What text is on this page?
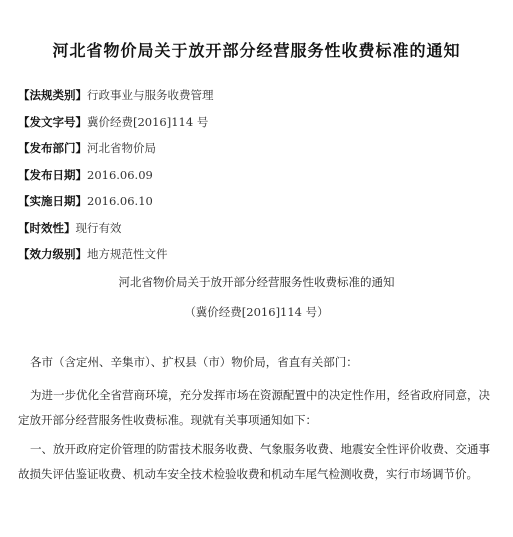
河北省物价局关于放开部分经营服务性收费标准的通知
【法规类别】行政事业与服务收费管理
【发文字号】冀价经费[2016]114 号
【发布部门】河北省物价局
【发布日期】2016.06.09
【实施日期】2016.06.10
【时效性】现行有效
【效力级别】地方规范性文件
河北省物价局关于放开部分经营服务性收费标准的通知
（冀价经费[2016]114 号）

各市（含定州、辛集市）、扩权县（市）物价局，省直有关部门：

为进一步优化全省营商环境，充分发挥市场在资源配置中的决定性作用，经省政府同意，决定放开部分经营服务性收费标准。现就有关事项通知如下：

一、放开政府定价管理的防雷技术服务收费、气象服务收费、地震安全性评价收费、交通事故损失评估鉴证收费、机动车安全技术检验收费和机动车尾气检测收费，实行市场调节价。
